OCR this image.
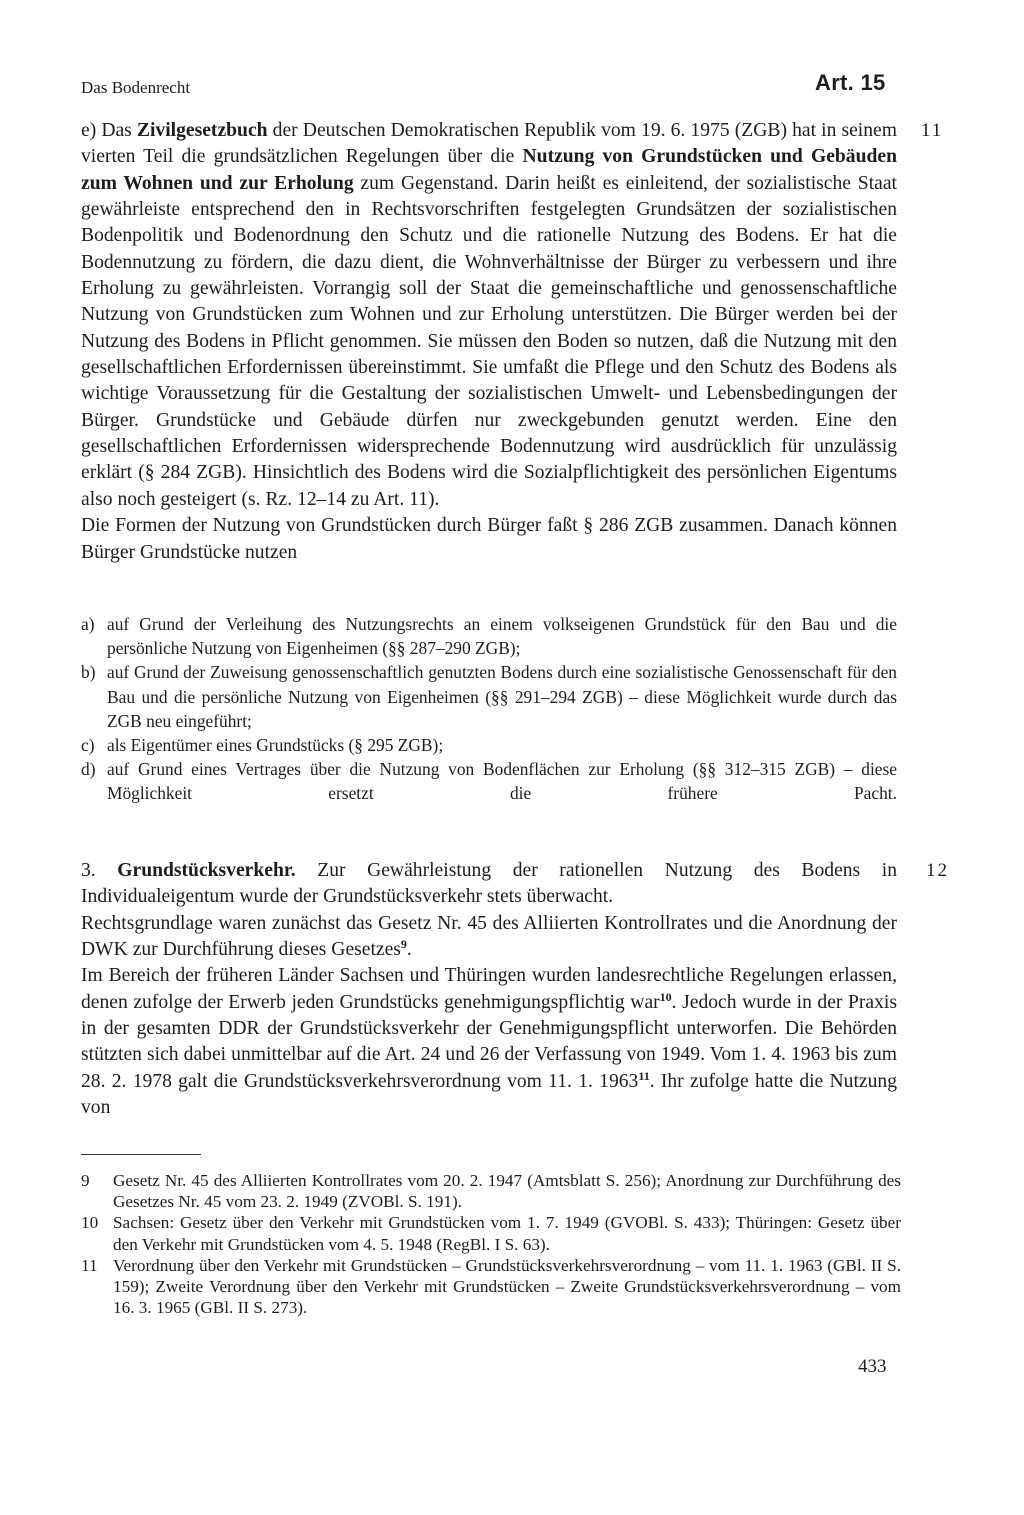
Das Bodenrecht	Art. 15
11
12

e) Das Zivilgesetzbuch der Deutschen Demokratischen Republik vom 19. 6. 1975 (ZGB) hat in seinem vierten Teil die grundsätzlichen Regelungen über die Nutzung von Grundstücken und Gebäuden zum Wohnen und zur Erholung zum Gegenstand. Darin heißt es einleitend, der sozialistische Staat gewährleiste entsprechend den in Rechtsvorschriften festgelegten Grundsätzen der sozialistischen Bodenpolitik und Bodenordnung den Schutz und die rationelle Nutzung des Bodens. Er hat die Bodennutzung zu fördern, die dazu dient, die Wohnverhältnisse der Bürger zu verbessern und ihre Erholung zu gewährleisten. Vorrangig soll der Staat die gemeinschaftliche und genossenschaftliche Nutzung von Grundstücken zum Wohnen und zur Erholung unterstützen. Die Bürger werden bei der Nutzung des Bodens in Pflicht genommen. Sie müssen den Boden so nutzen, daß die Nutzung mit den gesellschaftlichen Erfordernissen übereinstimmt. Sie umfaßt die Pflege und den Schutz des Bodens als wichtige Voraussetzung für die Gestaltung der sozialistischen Umwelt- und Lebensbedingungen der Bürger. Grundstücke und Gebäude dürfen nur zweckgebunden genutzt werden. Eine den gesellschaftlichen Erfordernissen widersprechende Bodennutzung wird ausdrücklich für unzulässig erklärt (§ 284 ZGB). Hinsichtlich des Bodens wird die Sozialpflichtigkeit des persönlichen Eigentums also noch gesteigert (s. Rz. 12–14 zu Art. 11).

Die Formen der Nutzung von Grundstücken durch Bürger faßt § 286 ZGB zusammen. Danach können Bürger Grundstücke nutzen

a) auf Grund der Verleihung des Nutzungsrechts an einem volkseigenen Grundstück für den Bau und die persönliche Nutzung von Eigenheimen (§§ 287–290 ZGB);
b) auf Grund der Zuweisung genossenschaftlich genutzten Bodens durch eine sozialistische Genossenschaft für den Bau und die persönliche Nutzung von Eigenheimen (§§ 291–294 ZGB) – diese Möglichkeit wurde durch das ZGB neu eingeführt;
c) als Eigentümer eines Grundstücks (§ 295 ZGB);
d) auf Grund eines Vertrages über die Nutzung von Bodenflächen zur Erholung (§§ 312–315 ZGB) – diese Möglichkeit ersetzt die frühere Pacht.

3. Grundstücksverkehr. Zur Gewährleistung der rationellen Nutzung des Bodens in Individualeigentum wurde der Grundstücksverkehr stets überwacht.

Rechtsgrundlage waren zunächst das Gesetz Nr. 45 des Alliierten Kontrollrates und die Anordnung der DWK zur Durchführung dieses Gesetzes$^9$.

Im Bereich der früheren Länder Sachsen und Thüringen wurden landesrechtliche Regelungen erlassen, denen zufolge der Erwerb jeden Grundstücks genehmigungspflichtig war$^{10}$. Jedoch wurde in der Praxis in der gesamten DDR der Grundstücksverkehr der Genehmigungspflicht unterworfen. Die Behörden stützten sich dabei unmittelbar auf die Art. 24 und 26 der Verfassung von 1949. Vom 1. 4. 1963 bis zum 28. 2. 1978 galt die Grundstücksverkehrsverordnung vom 11. 1. 1963$^{11}$. Ihr zufolge hatte die Nutzung von

9	Gesetz Nr. 45 des Alliierten Kontrollrates vom 20. 2. 1947 (Amtsblatt S. 256); Anordnung zur Durchführung des Gesetzes Nr. 45 vom 23. 2. 1949 (ZVOBl. S. 191).
10 Sachsen: Gesetz über den Verkehr mit Grundstücken vom 1. 7. 1949 (GVOBl. S. 433); Thüringen: Gesetz über den Verkehr mit Grundstücken vom 4. 5. 1948 (RegBl. I S. 63).
11 Verordnung über den Verkehr mit Grundstücken – Grundstücksverkehrsverordnung – vom 11. 1. 1963 (GBl. II S. 159); Zweite Verordnung über den Verkehr mit Grundstücken – Zweite Grundstücksverkehrsverordnung – vom 16. 3. 1965 (GBl. II S. 273).
433
